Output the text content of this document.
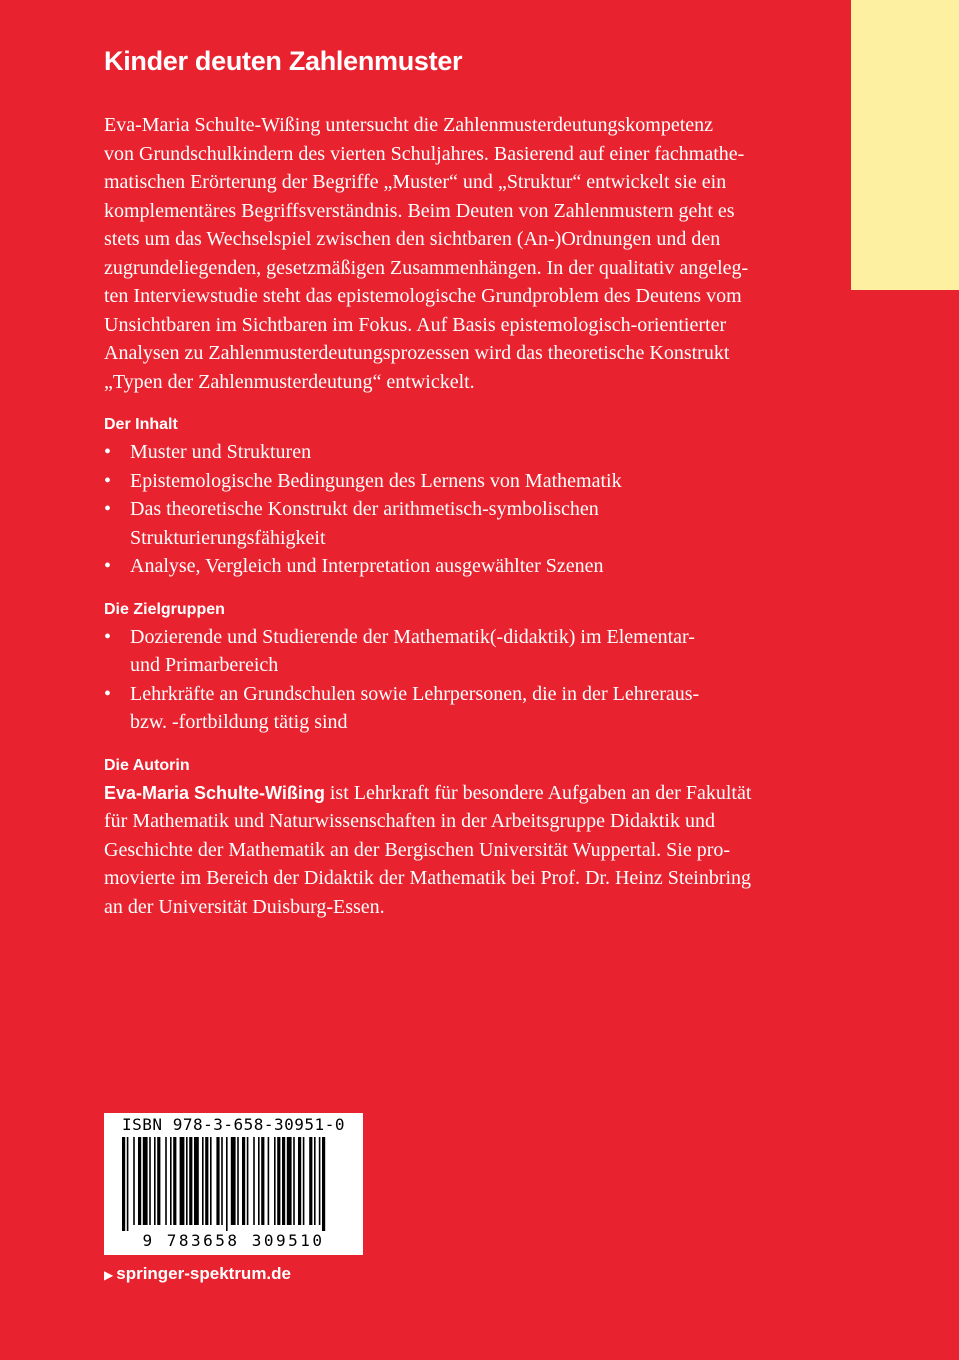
Kinder deuten Zahlenmuster

Eva-Maria Schulte-Wißing untersucht die Zahlenmusterdeutungskompetenz
von Grundschulkindern des vierten Schuljahres. Basierend auf einer fachmathe-
matischen Erörterung der Begriffe „Muster“ und „Struktur“ entwickelt sie ein
komplementäres Begriffsverständnis. Beim Deuten von Zahlenmustern geht es
stets um das Wechselspiel zwischen den sichtbaren (An-)Ordnungen und den
zugrundeliegenden, gesetzmäßigen Zusammenhängen. In der qualitativ angeleg-
ten Interviewstudie steht das epistemologische Grundproblem des Deutens vom
Unsichtbaren im Sichtbaren im Fokus. Auf Basis epistemologisch-orientierter
Analysen zu Zahlenmusterdeutungsprozessen wird das theoretische Konstrukt
„Typen der Zahlenmusterdeutung“ entwickelt.

Der Inhalt
• Muster und Strukturen
• Epistemologische Bedingungen des Lernens von Mathematik
• Das theoretische Konstrukt der arithmetisch-symbolischen
Strukturierungsfähigkeit
• Analyse, Vergleich und Interpretation ausgewählter Szenen
Die Zielgruppen
• Dozierende und Studierende der Mathematik(-didaktik) im Elementar-
und Primarbereich
• Lehrkräfte an Grundschulen sowie Lehrpersonen, die in der Lehreraus-
bzw. -fortbildung tätig sind
Die Autorin

Eva-Maria Schulte-Wißing ist Lehrkraft für besondere Aufgaben an der Fakultät
für Mathematik und Naturwissenschaften in der Arbeitsgruppe Didaktik und
Geschichte der Mathematik an der Bergischen Universität Wuppertal. Sie pro-
movierte im Bereich der Didaktik der Mathematik bei Prof. Dr. Heinz Steinbring
an der Universität Duisburg-Essen.

ISBN 978-3-658-30951-0
9 783658 309510
▶ springer-spektrum.de
